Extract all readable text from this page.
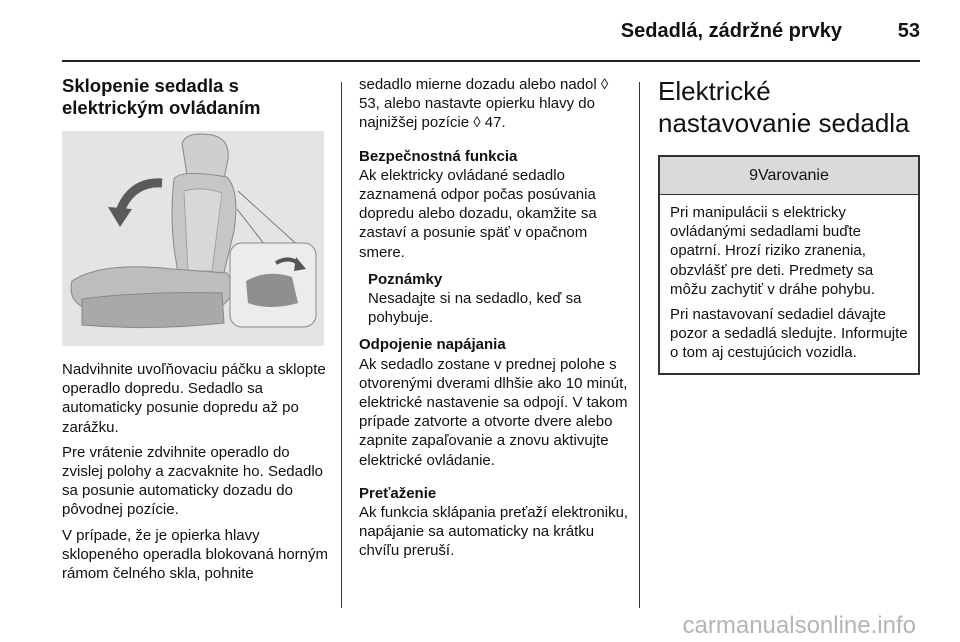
Sedadlá, zádržné prvky	53
Sklopenie sedadla s elektrickým ovládaním
Nadvihnite uvoľňovaciu páčku a sklopte operadlo dopredu. Sedadlo sa automaticky posunie dopredu až po zarážku.
Pre vrátenie zdvihnite operadlo do zvislej polohy a zacvaknite ho. Sedadlo sa posunie automaticky dozadu do pôvodnej pozície.
V prípade, že je opierka hlavy sklopeného operadla blokovaná horným rámom čelného skla, pohnite
sedadlo mierne dozadu alebo nadol ◊ 53, alebo nastavte opierku hlavy do najnižšej pozície ◊ 47.
Bezpečnostná funkcia
Ak elektricky ovládané sedadlo zaznamená odpor počas posúvania dopredu alebo dozadu, okamžite sa zastaví a posunie späť v opačnom smere.
Poznámky
Nesadajte si na sedadlo, keď sa pohybuje.
Odpojenie napájania
Ak sedadlo zostane v prednej polohe s otvorenými dverami dlhšie ako 10 minút, elektrické nastavenie sa odpojí. V takom prípade zatvorte a otvorte dvere alebo zapnite zapaľovanie a znovu aktivujte elektrické ovládanie.
Preťaženie
Ak funkcia sklápania preťaží elektroniku, napájanie sa automaticky na krátku chvíľu preruší.
Elektrické nastavovanie sedadla
9Varovanie
Pri manipulácii s elektricky ovládanými sedadlami buďte opatrní. Hrozí riziko zranenia, obzvlášť pre deti. Predmety sa môžu zachytiť v dráhe pohybu.
Pri nastavovaní sedadiel dávajte pozor a sedadlá sledujte. Informujte o tom aj cestujúcich vozidla.
carmanualsonline.info
